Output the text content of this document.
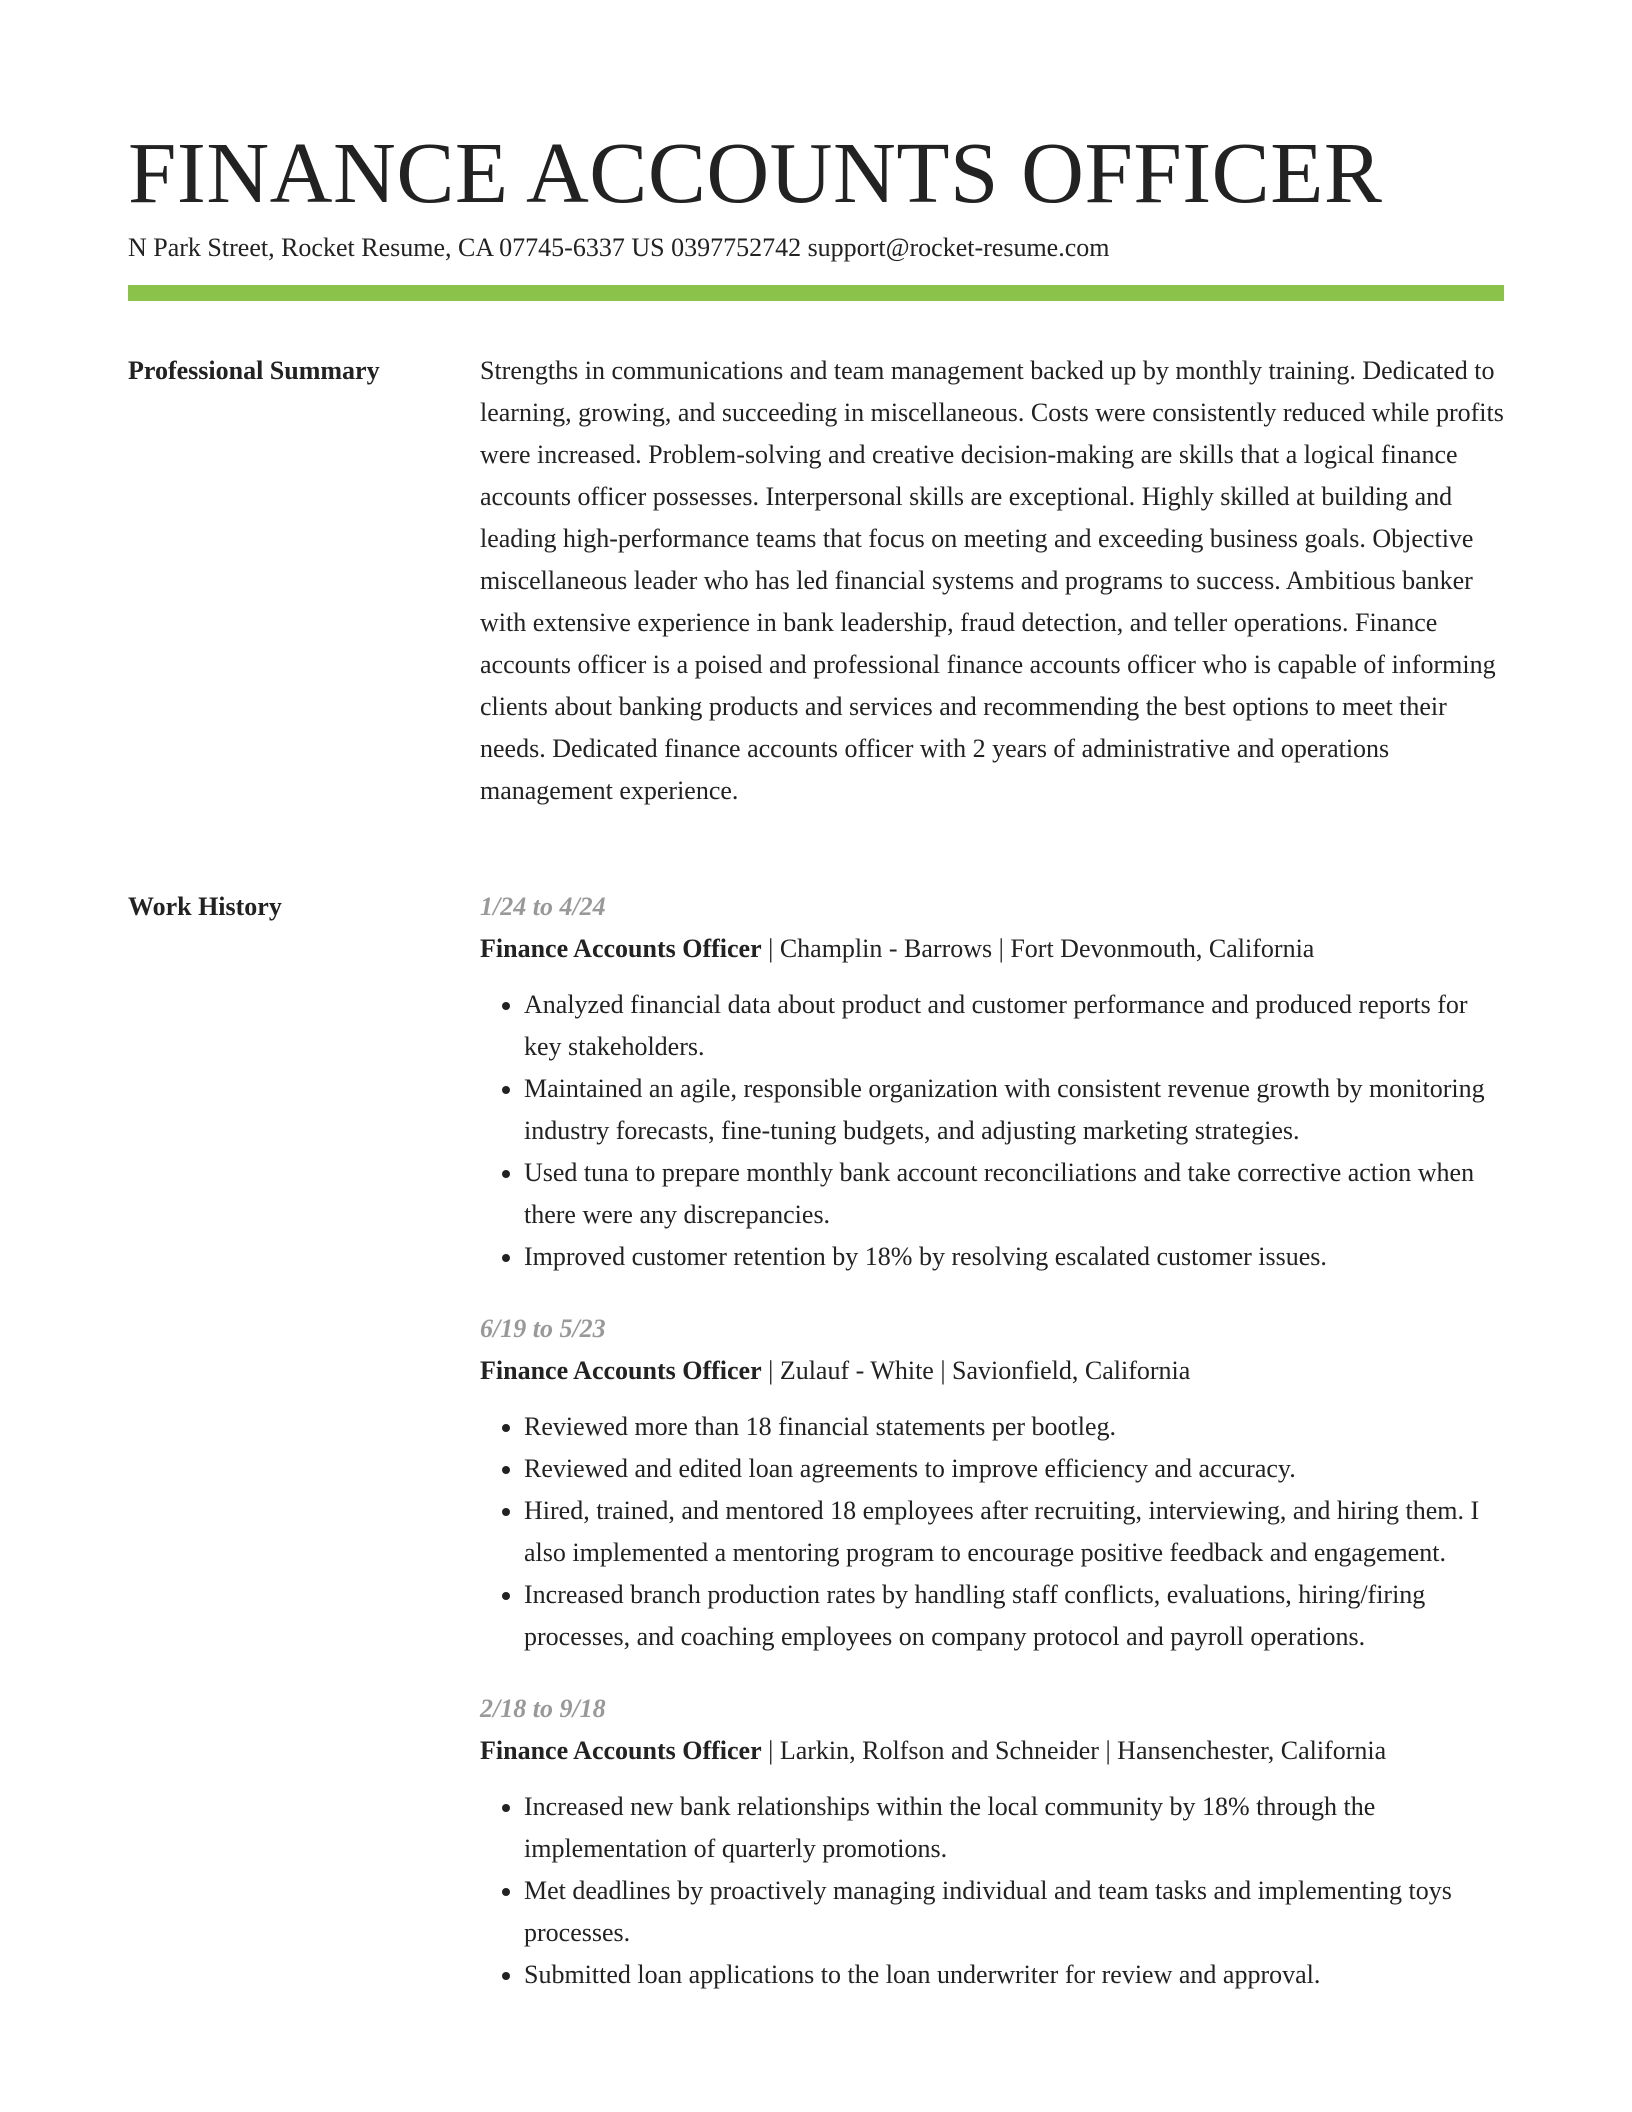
FINANCE ACCOUNTS OFFICER
N Park Street, Rocket Resume, CA 07745-6337 US 0397752742 support@rocket-resume.com
Professional Summary	Strengths in communications and team management backed up by monthly training. Dedicated to learning, growing, and succeeding in miscellaneous. Costs were consistently reduced while profits were increased. Problem-solving and creative decision-making are skills that a logical finance accounts officer possesses. Interpersonal skills are exceptional. Highly skilled at building and leading high-performance teams that focus on meeting and exceeding business goals. Objective miscellaneous leader who has led financial systems and programs to success. Ambitious banker with extensive experience in bank leadership, fraud detection, and teller operations. Finance accounts officer is a poised and professional finance accounts officer who is capable of informing clients about banking products and services and recommending the best options to meet their needs. Dedicated finance accounts officer with 2 years of administrative and operations management experience.

Work History	1/24 to 4/24
Finance Accounts Officer | Champlin - Barrows | Fort Devonmouth, California
• Analyzed financial data about product and customer performance and produced reports for key stakeholders.
• Maintained an agile, responsible organization with consistent revenue growth by monitoring industry forecasts, fine-tuning budgets, and adjusting marketing strategies.
• Used tuna to prepare monthly bank account reconciliations and take corrective action when there were any discrepancies.
• Improved customer retention by 18% by resolving escalated customer issues.
6/19 to 5/23
Finance Accounts Officer | Zulauf - White | Savionfield, California
• Reviewed more than 18 financial statements per bootleg.
• Reviewed and edited loan agreements to improve efficiency and accuracy.
• Hired, trained, and mentored 18 employees after recruiting, interviewing, and hiring them. I also implemented a mentoring program to encourage positive feedback and engagement.
• Increased branch production rates by handling staff conflicts, evaluations, hiring/firing processes, and coaching employees on company protocol and payroll operations.
2/18 to 9/18
Finance Accounts Officer | Larkin, Rolfson and Schneider | Hansenchester, California
• Increased new bank relationships within the local community by 18% through the implementation of quarterly promotions.
• Met deadlines by proactively managing individual and team tasks and implementing toys processes.
• Submitted loan applications to the loan underwriter for review and approval.
